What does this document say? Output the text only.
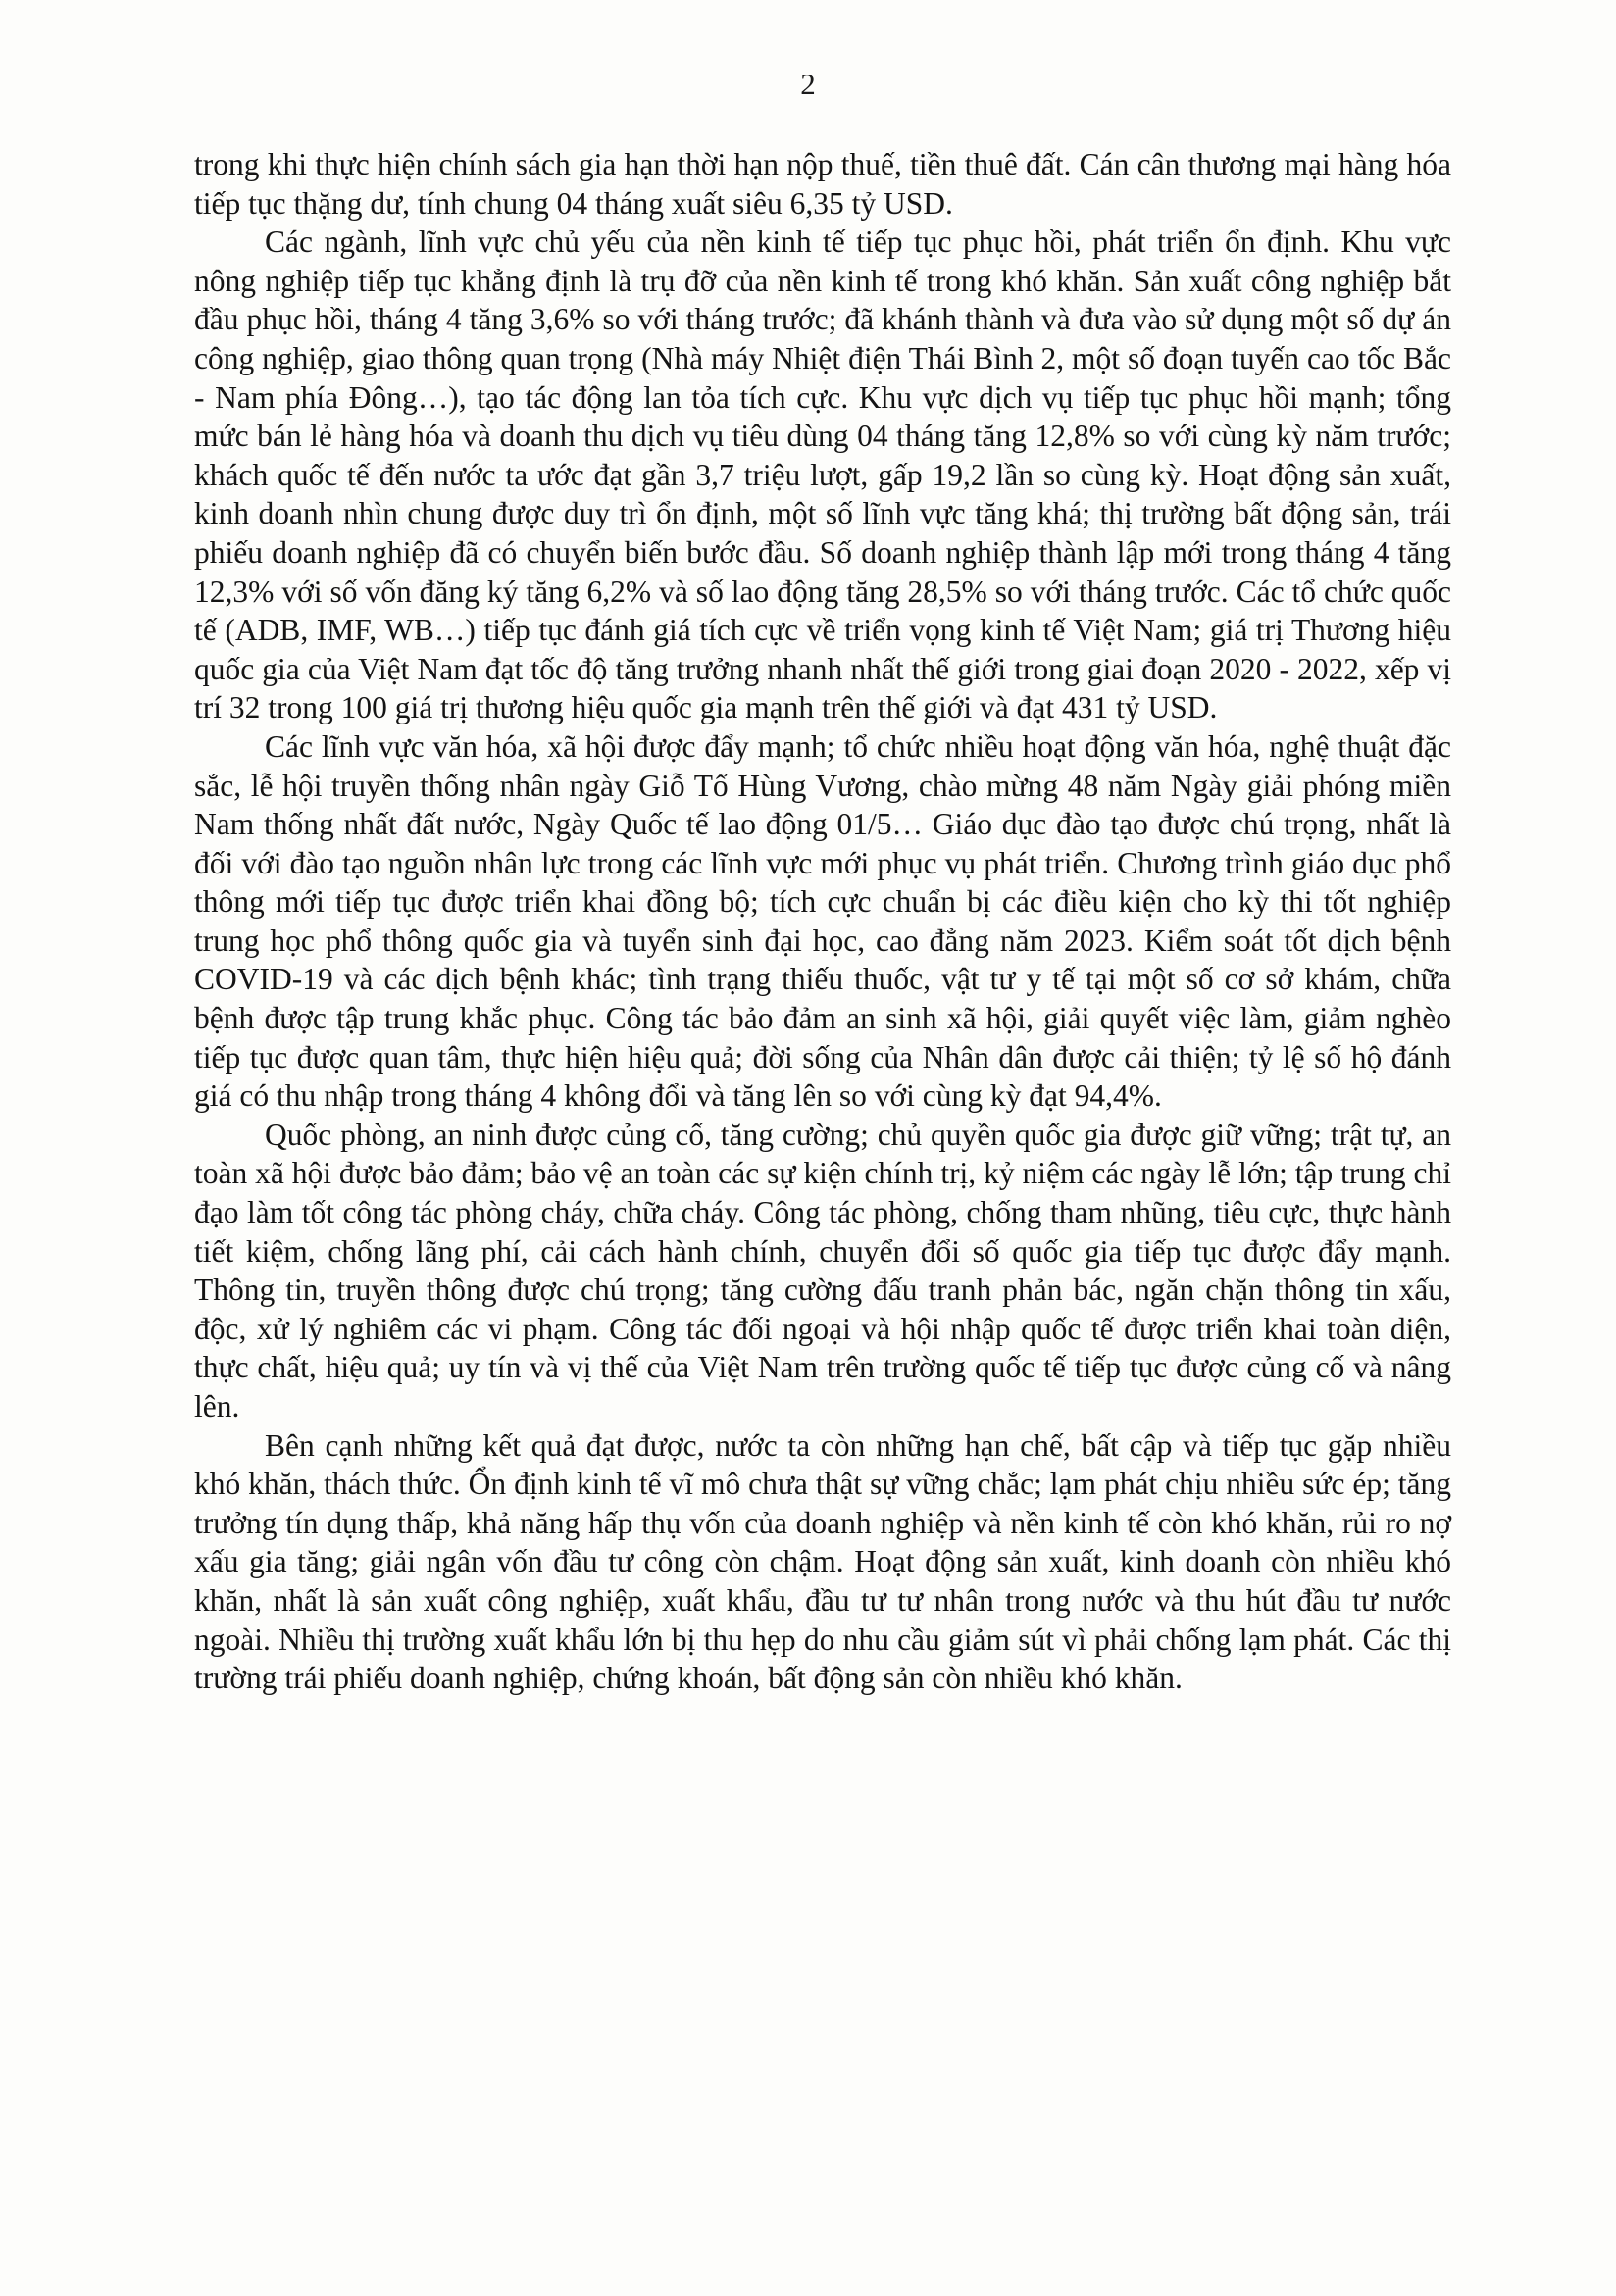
2

trong khi thực hiện chính sách gia hạn thời hạn nộp thuế, tiền thuê đất. Cán cân thương mại hàng hóa tiếp tục thặng dư, tính chung 04 tháng xuất siêu 6,35 tỷ USD.

Các ngành, lĩnh vực chủ yếu của nền kinh tế tiếp tục phục hồi, phát triển ổn định. Khu vực nông nghiệp tiếp tục khẳng định là trụ đỡ của nền kinh tế trong khó khăn. Sản xuất công nghiệp bắt đầu phục hồi, tháng 4 tăng 3,6% so với tháng trước; đã khánh thành và đưa vào sử dụng một số dự án công nghiệp, giao thông quan trọng (Nhà máy Nhiệt điện Thái Bình 2, một số đoạn tuyến cao tốc Bắc - Nam phía Đông…), tạo tác động lan tỏa tích cực. Khu vực dịch vụ tiếp tục phục hồi mạnh; tổng mức bán lẻ hàng hóa và doanh thu dịch vụ tiêu dùng 04 tháng tăng 12,8% so với cùng kỳ năm trước; khách quốc tế đến nước ta ước đạt gần 3,7 triệu lượt, gấp 19,2 lần so cùng kỳ. Hoạt động sản xuất, kinh doanh nhìn chung được duy trì ổn định, một số lĩnh vực tăng khá; thị trường bất động sản, trái phiếu doanh nghiệp đã có chuyển biến bước đầu. Số doanh nghiệp thành lập mới trong tháng 4 tăng 12,3% với số vốn đăng ký tăng 6,2% và số lao động tăng 28,5% so với tháng trước. Các tổ chức quốc tế (ADB, IMF, WB…) tiếp tục đánh giá tích cực về triển vọng kinh tế Việt Nam; giá trị Thương hiệu quốc gia của Việt Nam đạt tốc độ tăng trưởng nhanh nhất thế giới trong giai đoạn 2020 - 2022, xếp vị trí 32 trong 100 giá trị thương hiệu quốc gia mạnh trên thế giới và đạt 431 tỷ USD.

Các lĩnh vực văn hóa, xã hội được đẩy mạnh; tổ chức nhiều hoạt động văn hóa, nghệ thuật đặc sắc, lễ hội truyền thống nhân ngày Giỗ Tổ Hùng Vương, chào mừng 48 năm Ngày giải phóng miền Nam thống nhất đất nước, Ngày Quốc tế lao động 01/5… Giáo dục đào tạo được chú trọng, nhất là đối với đào tạo nguồn nhân lực trong các lĩnh vực mới phục vụ phát triển. Chương trình giáo dục phổ thông mới tiếp tục được triển khai đồng bộ; tích cực chuẩn bị các điều kiện cho kỳ thi tốt nghiệp trung học phổ thông quốc gia và tuyển sinh đại học, cao đẳng năm 2023. Kiểm soát tốt dịch bệnh COVID-19 và các dịch bệnh khác; tình trạng thiếu thuốc, vật tư y tế tại một số cơ sở khám, chữa bệnh được tập trung khắc phục. Công tác bảo đảm an sinh xã hội, giải quyết việc làm, giảm nghèo tiếp tục được quan tâm, thực hiện hiệu quả; đời sống của Nhân dân được cải thiện; tỷ lệ số hộ đánh giá có thu nhập trong tháng 4 không đổi và tăng lên so với cùng kỳ đạt 94,4%.

Quốc phòng, an ninh được củng cố, tăng cường; chủ quyền quốc gia được giữ vững; trật tự, an toàn xã hội được bảo đảm; bảo vệ an toàn các sự kiện chính trị, kỷ niệm các ngày lễ lớn; tập trung chỉ đạo làm tốt công tác phòng cháy, chữa cháy. Công tác phòng, chống tham nhũng, tiêu cực, thực hành tiết kiệm, chống lãng phí, cải cách hành chính, chuyển đổi số quốc gia tiếp tục được đẩy mạnh. Thông tin, truyền thông được chú trọng; tăng cường đấu tranh phản bác, ngăn chặn thông tin xấu, độc, xử lý nghiêm các vi phạm. Công tác đối ngoại và hội nhập quốc tế được triển khai toàn diện, thực chất, hiệu quả; uy tín và vị thế của Việt Nam trên trường quốc tế tiếp tục được củng cố và nâng lên.

Bên cạnh những kết quả đạt được, nước ta còn những hạn chế, bất cập và tiếp tục gặp nhiều khó khăn, thách thức. Ổn định kinh tế vĩ mô chưa thật sự vững chắc; lạm phát chịu nhiều sức ép; tăng trưởng tín dụng thấp, khả năng hấp thụ vốn của doanh nghiệp và nền kinh tế còn khó khăn, rủi ro nợ xấu gia tăng; giải ngân vốn đầu tư công còn chậm. Hoạt động sản xuất, kinh doanh còn nhiều khó khăn, nhất là sản xuất công nghiệp, xuất khẩu, đầu tư tư nhân trong nước và thu hút đầu tư nước ngoài. Nhiều thị trường xuất khẩu lớn bị thu hẹp do nhu cầu giảm sút vì phải chống lạm phát. Các thị trường trái phiếu doanh nghiệp, chứng khoán, bất động sản còn nhiều khó khăn.
